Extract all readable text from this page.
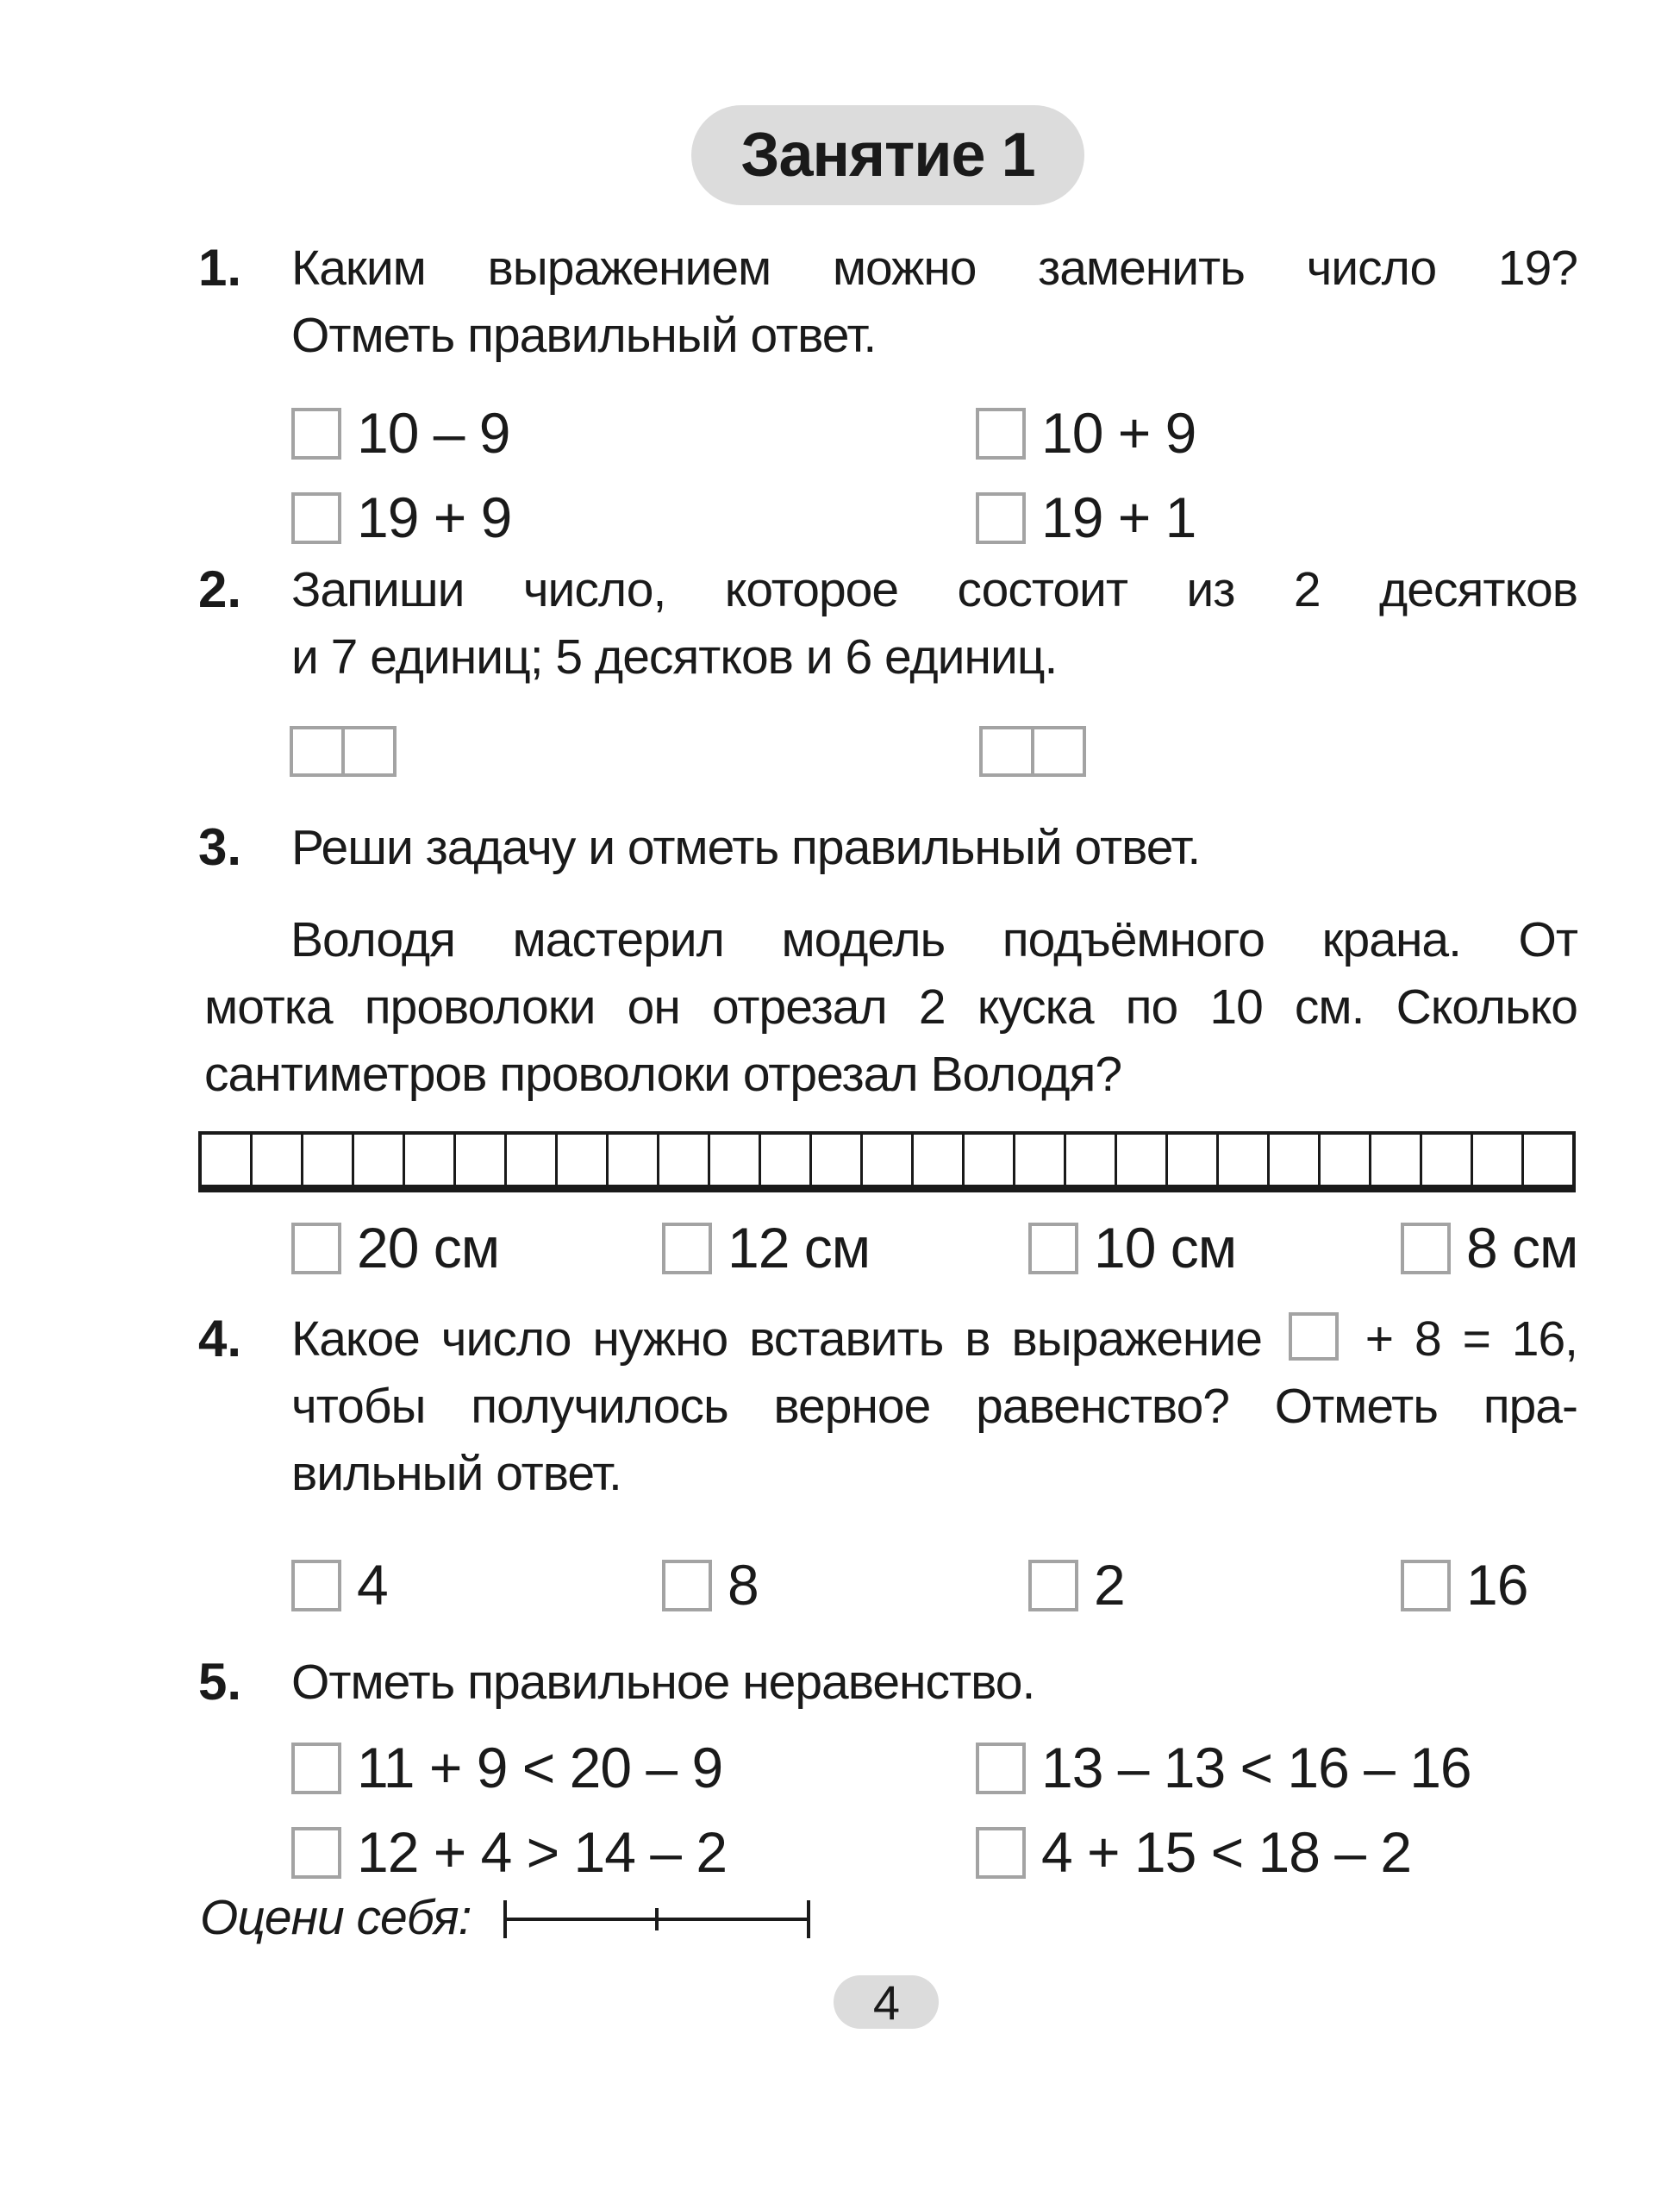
Занятие 1
1. Каким выражением можно заменить число 19?
Отметь правильный ответ.
10 – 9	10 + 9
19 + 9	19 + 1
2. Запиши число, которое состоит из 2 десятков
и 7 единиц; 5 десятков и 6 единиц.
3. Реши задачу и отметь правильный ответ.
Володя мастерил модель подъёмного крана. От
мотка проволоки он отрезал 2 куска по 10 см. Сколько
сантиметров проволоки отрезал Володя?
20 см	12 см	10 см	8 см
4. Какое число нужно вставить в выражение + 8 = 16,
чтобы получилось верное равенство? Отметь пра-
вильный ответ.
4	8	2	16
5. Отметь правильное неравенство.
11 + 9 < 20 – 9	13 – 13 < 16 – 16
12 + 4 > 14 – 2	4 + 15 < 18 – 2
Оцени себя:
4
